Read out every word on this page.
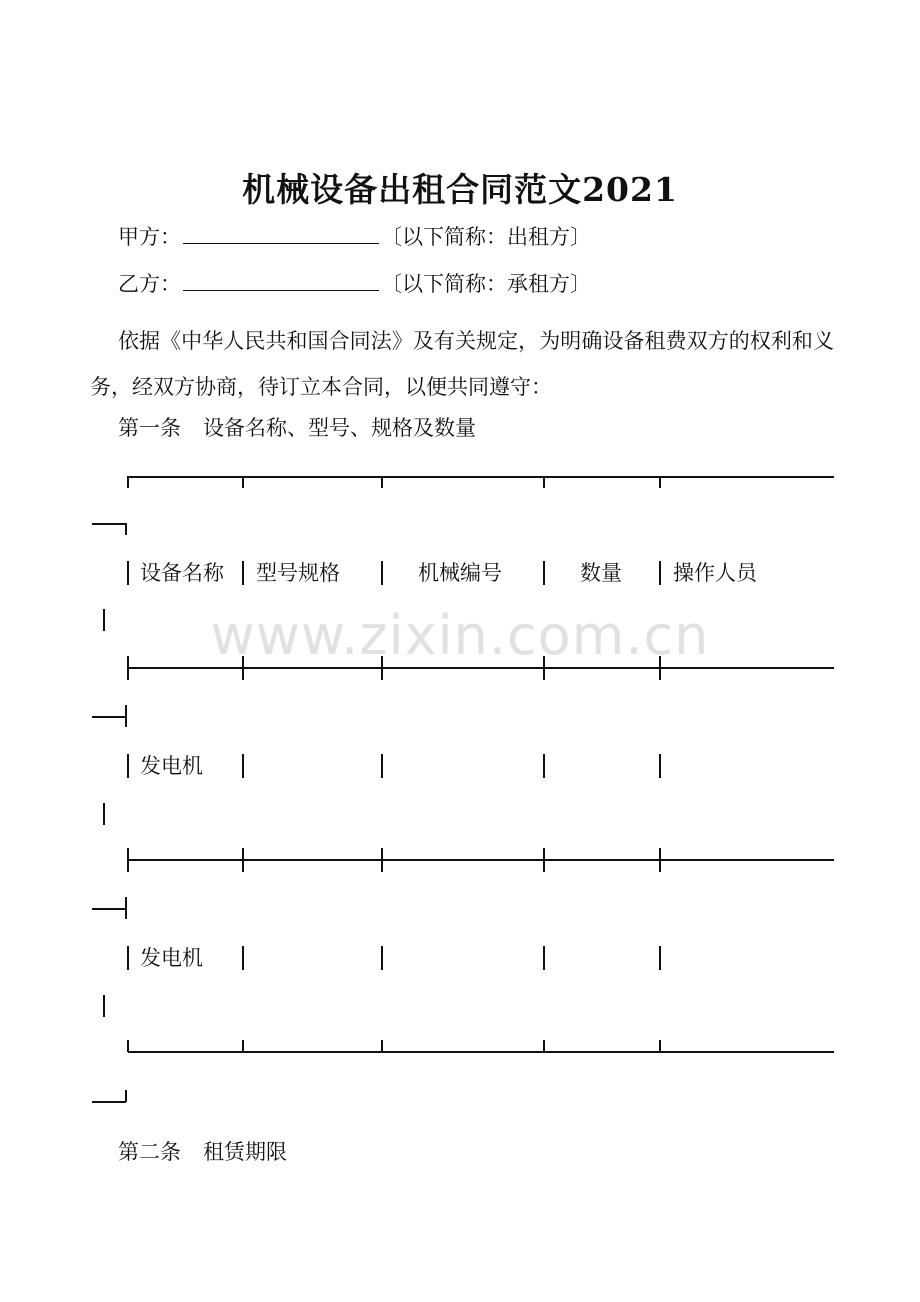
机械设备出租合同范文2021
甲方：	〔以下简称：出租方〕
乙方：	〔以下简称：承租方〕
依据《中华人民共和国合同法》及有关规定，为明确设备租费双方的权利和义务，经双方协商，待订立本合同，以便共同遵守：
第一条 设备名称、型号、规格及数量
设备名称 型号规格	机械编号	数量 操作人员
发电机
发电机
第二条 租赁期限
www.zixin.com.cn
